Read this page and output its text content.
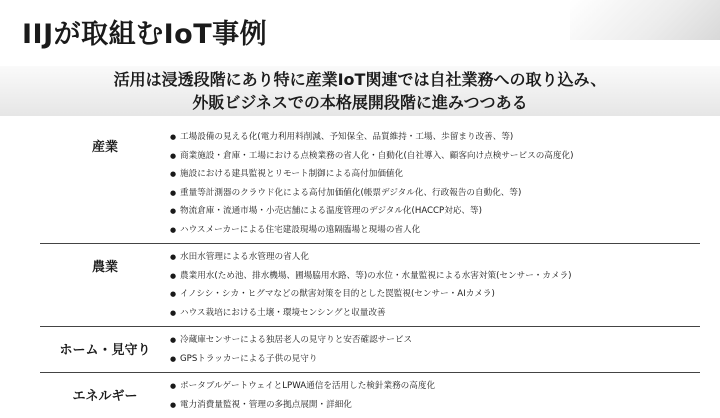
IIJが取組むIoT事例
活用は浸透段階にあり特に産業IoT関連では自社業務への取り込み、
外販ビジネスでの本格展開段階に進みつつある
産業
● 工場設備の見える化(電力利用料削減、予知保全、品質維持・工場、歩留まり改善、等)
● 商業施設・倉庫・工場における点検業務の省人化・自動化(自社導入、顧客向け点検サービスの高度化)
● 施設における建具監視とリモート制御による高付加価値化
● 重量等計測器のクラウド化による高付加価値化(帳票デジタル化、行政報告の自動化、等)
● 物流倉庫・流通市場・小売店舗による温度管理のデジタル化(HACCP対応、等)
● ハウスメーカーによる住宅建設現場の遠隔臨場と現場の省人化
農業
● 水田水管理による水管理の省人化
● 農業用水(ため池、排水機場、圃場脇用水路、等)の水位・水量監視による水害対策(センサー・カメラ)
● イノシシ・シカ・ヒグマなどの獣害対策を目的とした罠監視(センサー・AIカメラ)
● ハウス栽培における土壌・環境センシングと収量改善
ホーム・見守り
● 冷蔵庫センサーによる独居老人の見守りと安否確認サービス
● GPSトラッカーによる子供の見守り
エネルギー
● ポータブルゲートウェイとLPWA通信を活用した検針業務の高度化
● 電力消費量監視・管理の多拠点展開・詳細化
